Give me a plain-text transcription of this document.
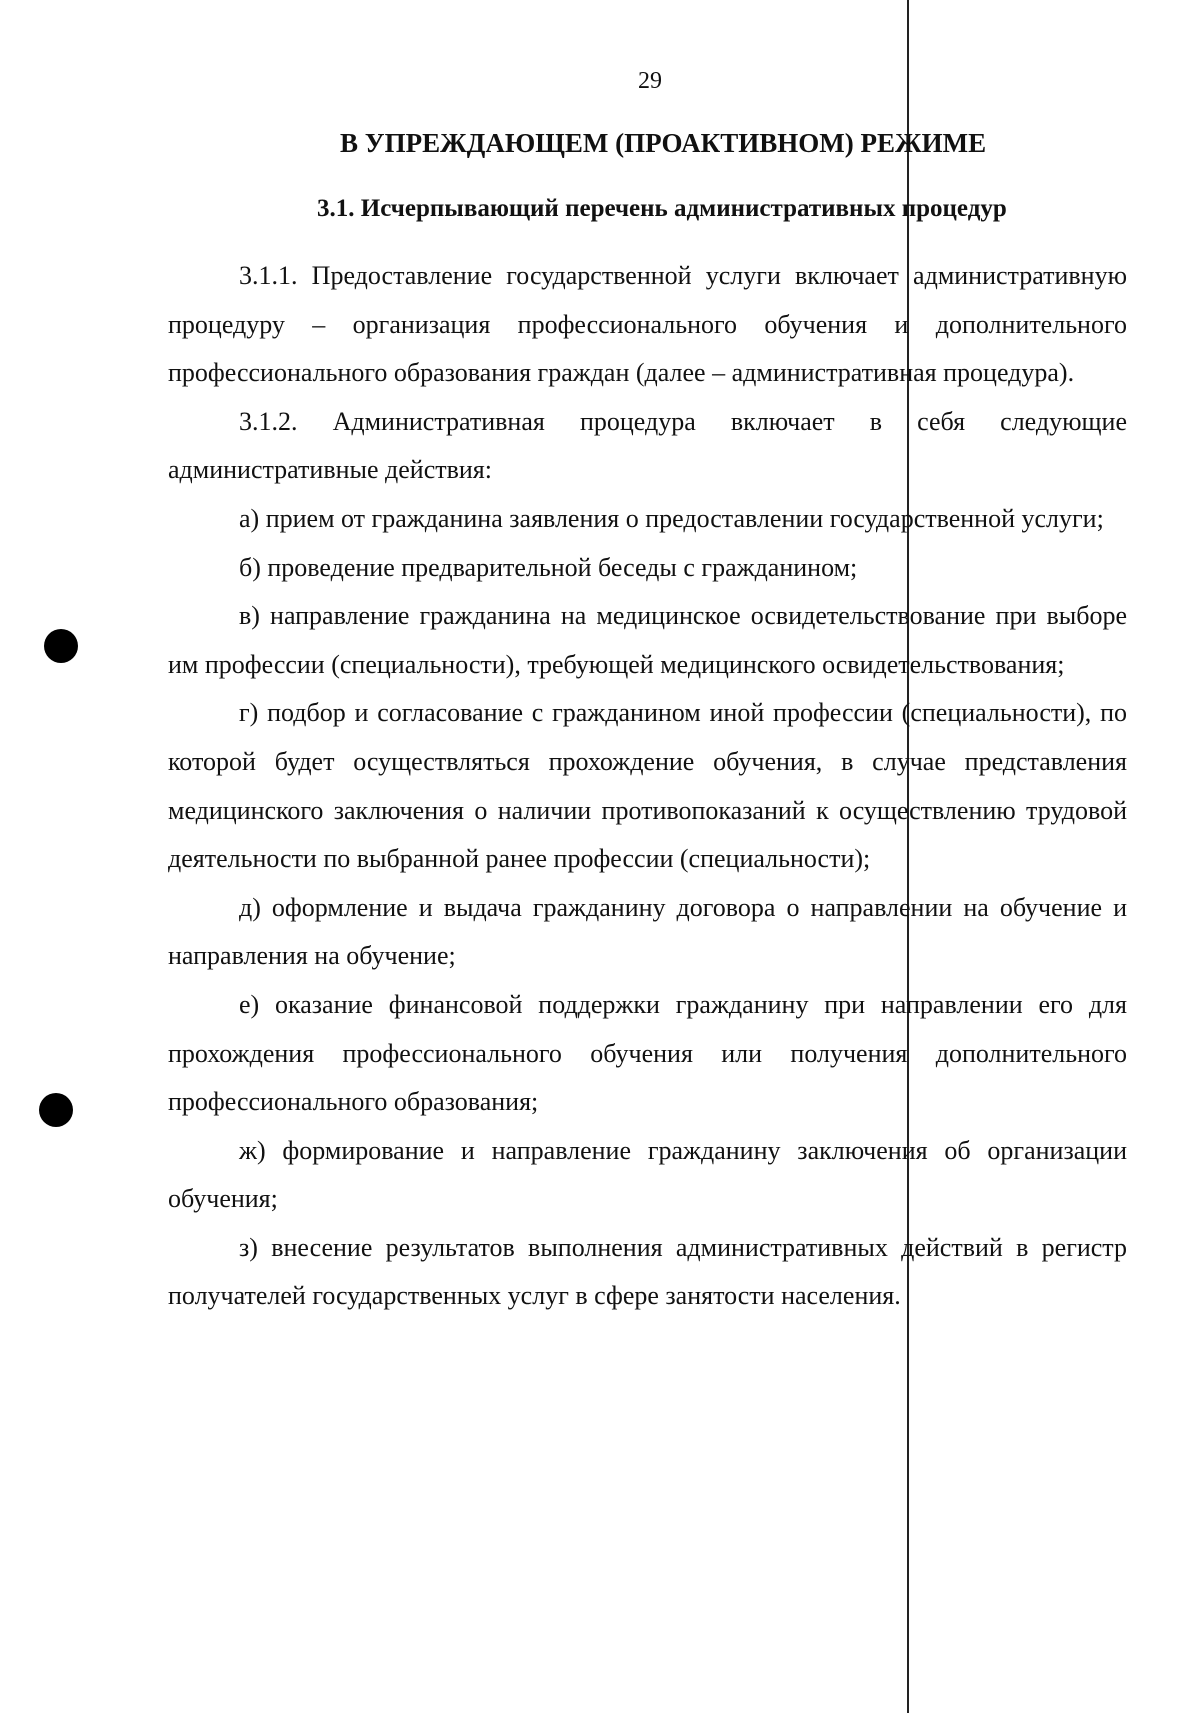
29
В УПРЕЖДАЮЩЕМ (ПРОАКТИВНОМ) РЕЖИМЕ
3.1. Исчерпывающий перечень административных процедур

3.1.1. Предоставление государственной услуги включает административную процедуру – организация профессионального обучения и дополнительного профессионального образования граждан (далее – административная процедура).

3.1.2. Административная процедура включает в себя следующие административные действия:

а) прием от гражданина заявления о предоставлении государственной услуги;

б) проведение предварительной беседы с гражданином;

в) направление гражданина на медицинское освидетельствование при выборе им профессии (специальности), требующей медицинского освидетельствования;

г) подбор и согласование с гражданином иной профессии (специальности), по которой будет осуществляться прохождение обучения, в случае представления медицинского заключения о наличии противопоказаний к осуществлению трудовой деятельности по выбранной ранее профессии (специальности);

д) оформление и выдача гражданину договора о направлении на обучение и направления на обучение;

е) оказание финансовой поддержки гражданину при направлении его для прохождения профессионального обучения или получения дополнительного профессионального образования;

ж) формирование и направление гражданину заключения об организации обучения;

з) внесение результатов выполнения административных действий в регистр получателей государственных услуг в сфере занятости населения.
